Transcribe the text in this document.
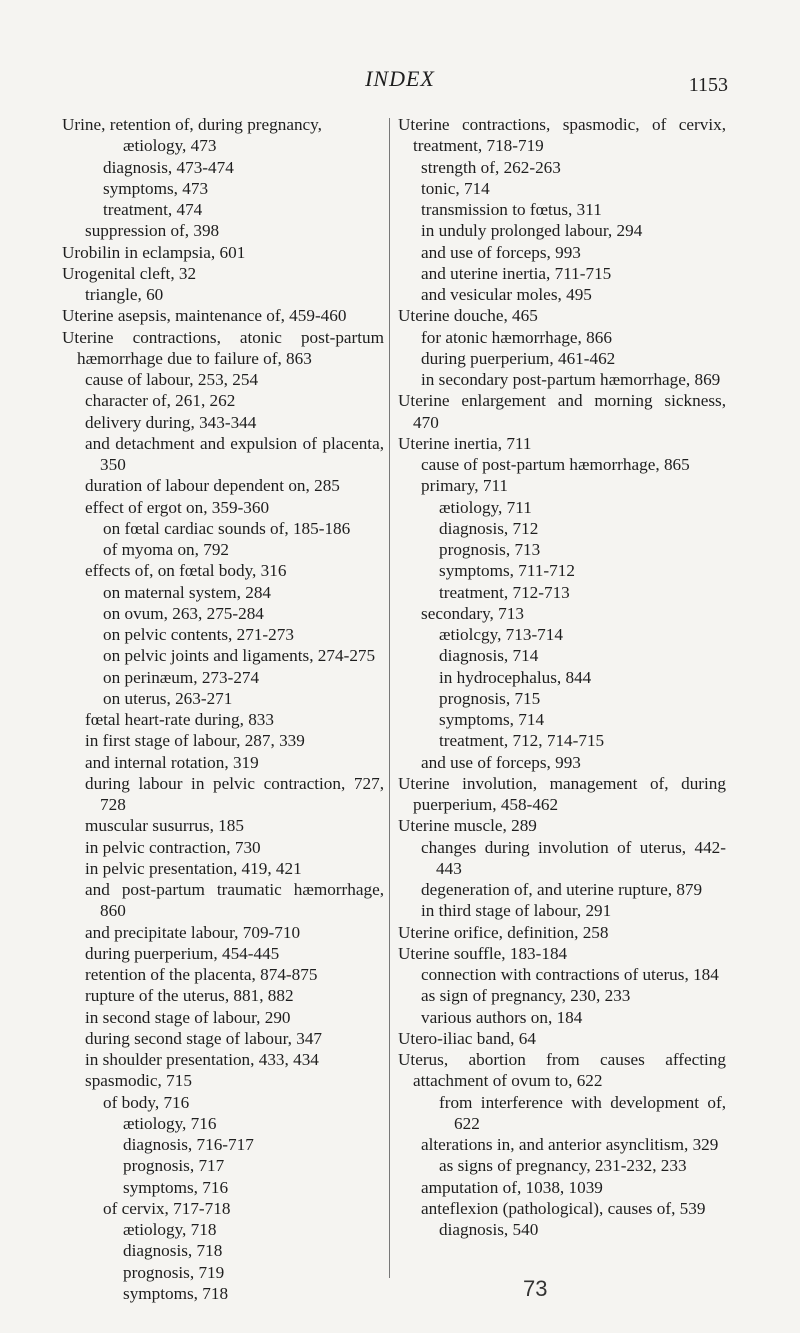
INDEX	1153

Urine, retention of, during pregnancy,

ætiology, 473

diagnosis, 473-474

symptoms, 473

treatment, 474

suppression of, 398

Urobilin in eclampsia, 601

Urogenital cleft, 32

triangle, 60

Uterine asepsis, maintenance of, 459-460

Uterine contractions, atonic post-partum hæmorrhage due to failure of, 863

cause of labour, 253, 254

character of, 261, 262

delivery during, 343-344

and detachment and expulsion of placenta, 350

duration of labour dependent on, 285

effect of ergot on, 359-360

on fœtal cardiac sounds of, 185-186

of myoma on, 792

effects of, on fœtal body, 316

on maternal system, 284

on ovum, 263, 275-284

on pelvic contents, 271-273

on pelvic joints and ligaments, 274-275

on perinæum, 273-274

on uterus, 263-271

fœtal heart-rate during, 833

in first stage of labour, 287, 339

and internal rotation, 319

during labour in pelvic contraction, 727, 728

muscular susurrus, 185

in pelvic contraction, 730

in pelvic presentation, 419, 421

and post-partum traumatic hæmorrhage, 860

and precipitate labour, 709-710

during puerperium, 454-445

retention of the placenta, 874-875

rupture of the uterus, 881, 882

in second stage of labour, 290

during second stage of labour, 347

in shoulder presentation, 433, 434

spasmodic, 715

of body, 716

ætiology, 716

diagnosis, 716-717

prognosis, 717

symptoms, 716

of cervix, 717-718

ætiology, 718

diagnosis, 718

prognosis, 719

symptoms, 718

Uterine contractions, spasmodic, of cervix, treatment, 718-719

strength of, 262-263

tonic, 714

transmission to fœtus, 311

in unduly prolonged labour, 294

and use of forceps, 993

and uterine inertia, 711-715

and vesicular moles, 495

Uterine douche, 465

for atonic hæmorrhage, 866

during puerperium, 461-462

in secondary post-partum hæmorrhage, 869

Uterine enlargement and morning sickness, 470

Uterine inertia, 711

cause of post-partum hæmorrhage, 865

primary, 711

ætiology, 711

diagnosis, 712

prognosis, 713

symptoms, 711-712

treatment, 712-713

secondary, 713

ætiolcgy, 713-714

diagnosis, 714

in hydrocephalus, 844

prognosis, 715

symptoms, 714

treatment, 712, 714-715

and use of forceps, 993

Uterine involution, management of, during puerperium, 458-462

Uterine muscle, 289

changes during involution of uterus, 442-443

degeneration of, and uterine rupture, 879

in third stage of labour, 291

Uterine orifice, definition, 258

Uterine souffle, 183-184

connection with contractions of uterus, 184

as sign of pregnancy, 230, 233

various authors on, 184

Utero-iliac band, 64

Uterus, abortion from causes affecting attachment of ovum to, 622

from interference with development of, 622

alterations in, and anterior asynclitism, 329

as signs of pregnancy, 231-232, 233

amputation of, 1038, 1039

anteflexion (pathological), causes of, 539

diagnosis, 540

73
